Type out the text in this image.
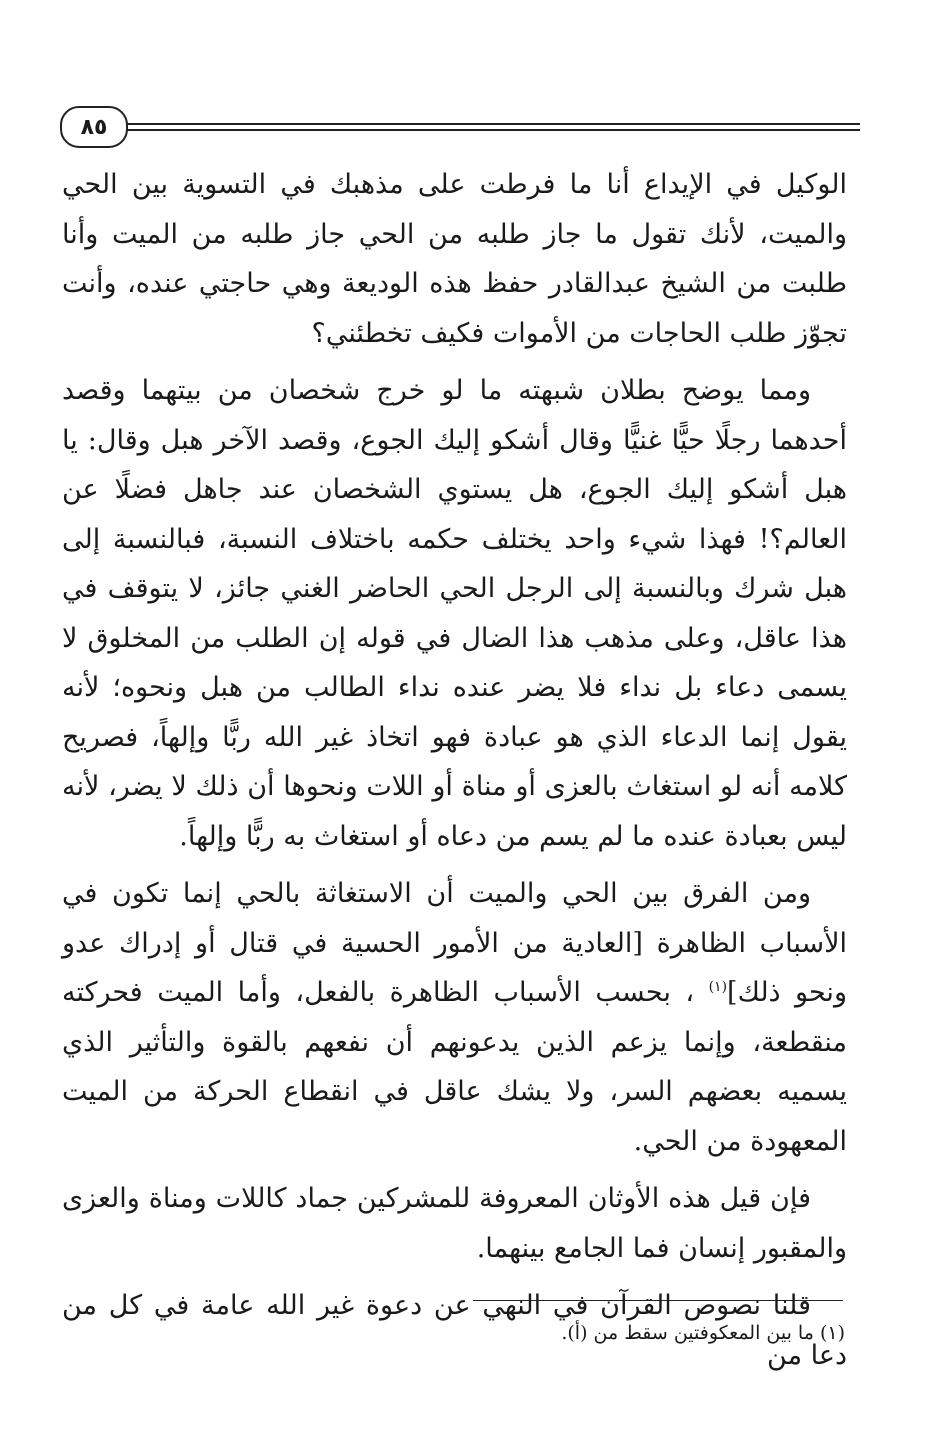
٨٥

الوكيل في الإيداع أنا ما فرطت على مذهبك في التسوية بين الحي والميت، لأنك تقول ما جاز طلبه من الحي جاز طلبه من الميت وأنا طلبت من الشيخ عبدالقادر حفظ هذه الوديعة وهي حاجتي عنده، وأنت تجوّز طلب الحاجات من الأموات فكيف تخطئني؟

ومما يوضح بطلان شبهته ما لو خرج شخصان من بيتهما وقصد أحدهما رجلًا حيًّا غنيًّا وقال أشكو إليك الجوع، وقصد الآخر هبل وقال: يا هبل أشكو إليك الجوع، هل يستوي الشخصان عند جاهل فضلًا عن العالم؟! فهذا شيء واحد يختلف حكمه باختلاف النسبة، فبالنسبة إلى هبل شرك وبالنسبة إلى الرجل الحي الحاضر الغني جائز، لا يتوقف في هذا عاقل، وعلى مذهب هذا الضال في قوله إن الطلب من المخلوق لا يسمى دعاء بل نداء فلا يضر عنده نداء الطالب من هبل ونحوه؛ لأنه يقول إنما الدعاء الذي هو عبادة فهو اتخاذ غير الله ربًّا وإلهاً، فصريح كلامه أنه لو استغاث بالعزى أو مناة أو اللات ونحوها أن ذلك لا يضر، لأنه ليس بعبادة عنده ما لم يسم من دعاه أو استغاث به ربًّا وإلهاً.

ومن الفرق بين الحي والميت أن الاستغاثة بالحي إنما تكون في الأسباب الظاهرة [العادية من الأمور الحسية في قتال أو إدراك عدو ونحو ذلك]$^{(١)}$ ، بحسب الأسباب الظاهرة بالفعل، وأما الميت فحركته منقطعة، وإنما يزعم الذين يدعونهم أن نفعهم بالقوة والتأثير الذي يسميه بعضهم السر، ولا يشك عاقل في انقطاع الحركة من الميت المعهودة من الحي.

فإن قيل هذه الأوثان المعروفة للمشركين جماد كاللات ومناة والعزى والمقبور إنسان فما الجامع بينهما.

قلنا نصوص القرآن في النهي عن دعوة غير الله عامة في كل من دعا من

(١) ما بين المعكوفتين سقط من (أ).
